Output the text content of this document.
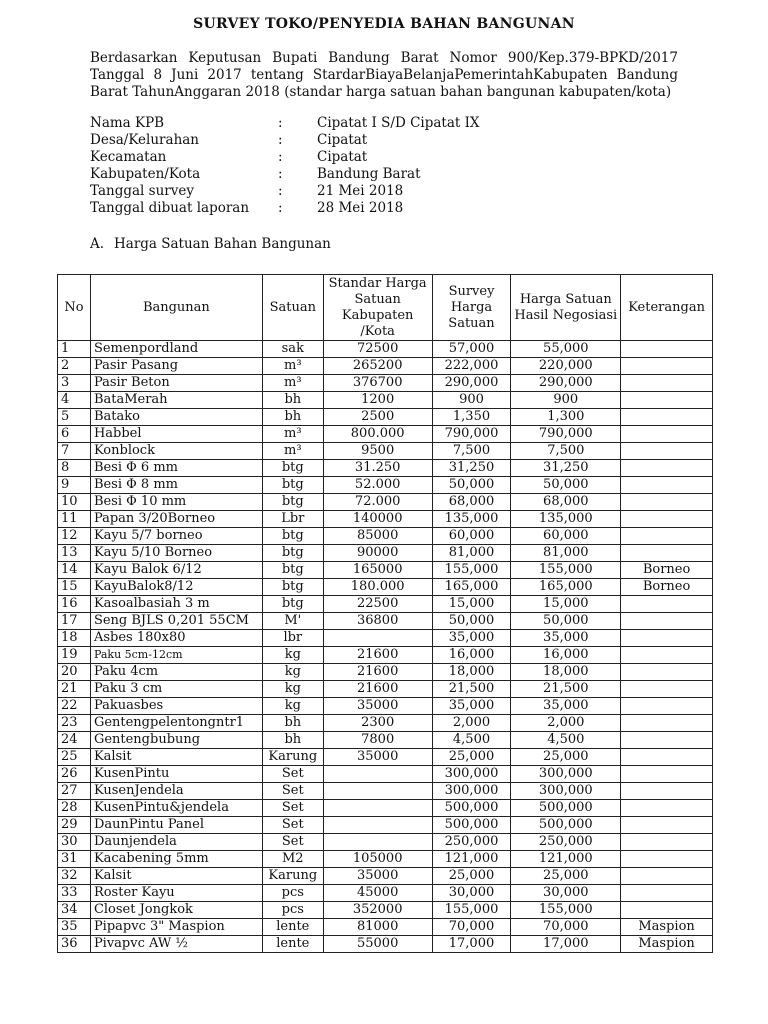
SURVEY TOKO/PENYEDIA BAHAN BANGUNAN
Berdasarkan Keputusan Bupati Bandung Barat Nomor 900/Kep.379-BPKD/2017
Tanggal 8 Juni 2017 tentang StardarBiayaBelanjaPemerintahKabupaten Bandung
Barat TahunAnggaran 2018 (standar harga satuan bahan bangunan kabupaten/kota)
Nama KPB	:	Cipatat I S/D Cipatat IX
Desa/Kelurahan	:	Cipatat
Kecamatan	:	Cipatat
Kabupaten/Kota	:	Bandung Barat
Tanggal survey	:	21 Mei 2018
Tanggal dibuat laporan :	28 Mei 2018
A. Harga Satuan Bahan Bangunan
No	Bangunan	Satuan	Standar Harga Satuan Kabupaten /Kota	Survey Harga Satuan	Harga Satuan Hasil Negosiasi	Keterangan
1	Semenpordland	sak	72500	57,000	55,000	
2	Pasir Pasang	m³	265200	222,000	220,000	
3	Pasir Beton	m³	376700	290,000	290,000	
4	BataMerah	bh	1200	900	900	
5	Batako	bh	2500	1,350	1,300	
6	Habbel	m³	800.000	790,000	790,000	
7	Konblock	m³	9500	7,500	7,500	
8	Besi Φ 6 mm	btg	31.250	31,250	31,250	
9	Besi Φ 8 mm	btg	52.000	50,000	50,000	
10	Besi Φ 10 mm	btg	72.000	68,000	68,000	
11	Papan 3/20Borneo	Lbr	140000	135,000	135,000	
12	Kayu 5/7 borneo	btg	85000	60,000	60,000	
13	Kayu 5/10 Borneo	btg	90000	81,000	81,000	
14	Kayu Balok 6/12	btg	165000	155,000	155,000	Borneo
15	KayuBalok8/12	btg	180.000	165,000	165,000	Borneo
16	Kasoalbasiah 3 m	btg	22500	15,000	15,000	
17	Seng BJLS 0,201 55CM	M'	36800	50,000	50,000	
18	Asbes 180x80	lbr		35,000	35,000	
19	Paku 5cm-12cm	kg	21600	16,000	16,000	
20	Paku 4cm	kg	21600	18,000	18,000	
21	Paku 3 cm	kg	21600	21,500	21,500	
22	Pakuasbes	kg	35000	35,000	35,000	
23	Gentengpelentongntr1	bh	2300	2,000	2,000	
24	Gentengbubung	bh	7800	4,500	4,500	
25	Kalsit	Karung	35000	25,000	25,000	
26	KusenPintu	Set		300,000	300,000	
27	KusenJendela	Set		300,000	300,000	
28	KusenPintu&jendela	Set		500,000	500,000	
29	DaunPintu Panel	Set		500,000	500,000	
30	Daunjendela	Set		250,000	250,000	
31	Kacabening 5mm	M2	105000	121,000	121,000	
32	Kalsit	Karung	35000	25,000	25,000	
33	Roster Kayu	pcs	45000	30,000	30,000	
34	Closet Jongkok	pcs	352000	155,000	155,000	
35	Pipapvc 3" Maspion	lente	81000	70,000	70,000	Maspion
36	Pivapvc AW ½	lente	55000	17,000	17,000	Maspion
